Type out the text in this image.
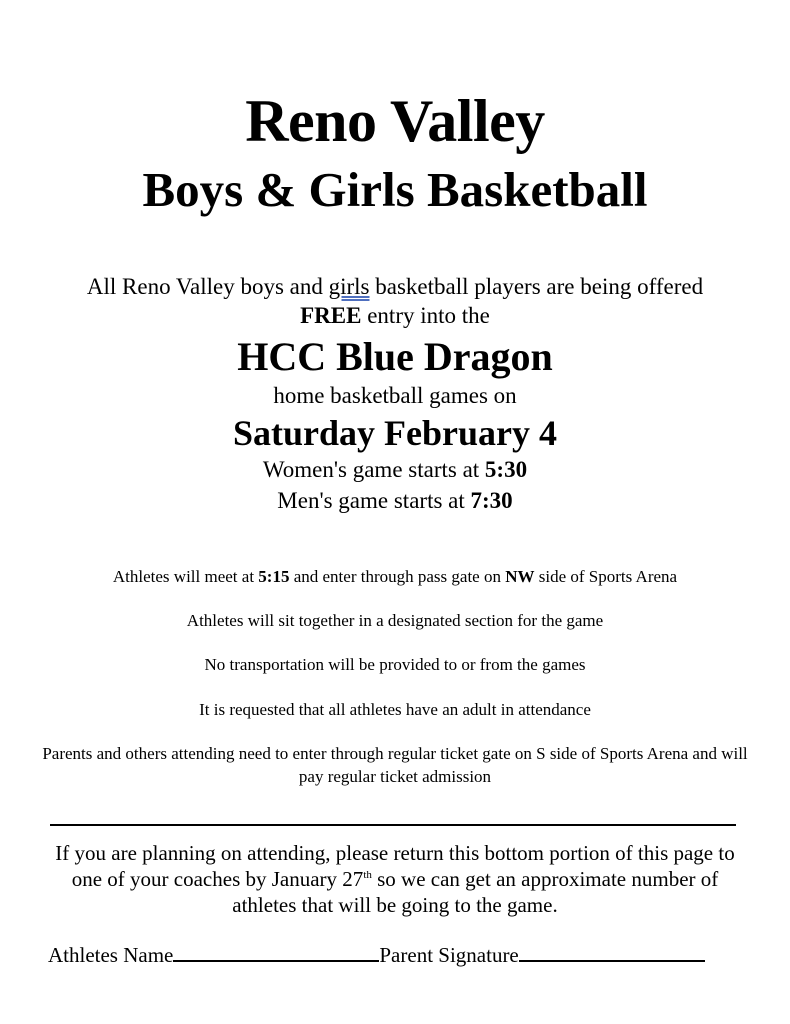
Reno Valley
Boys & Girls Basketball
All Reno Valley boys and girls basketball players are being offered
FREE entry into the
HCC Blue Dragon
home basketball games on
Saturday February 4
Women's game starts at 5:30
Men's game starts at 7:30
Athletes will meet at 5:15 and enter through pass gate on NW side of Sports Arena
Athletes will sit together in a designated section for the game
No transportation will be provided to or from the games
It is requested that all athletes have an adult in attendance
Parents and others attending need to enter through regular ticket gate on S side of Sports Arena and will pay regular ticket admission
If you are planning on attending, please return this bottom portion of this page to one of your coaches by January 27th so we can get an approximate number of athletes that will be going to the game.
Athletes Name	Parent Signature
